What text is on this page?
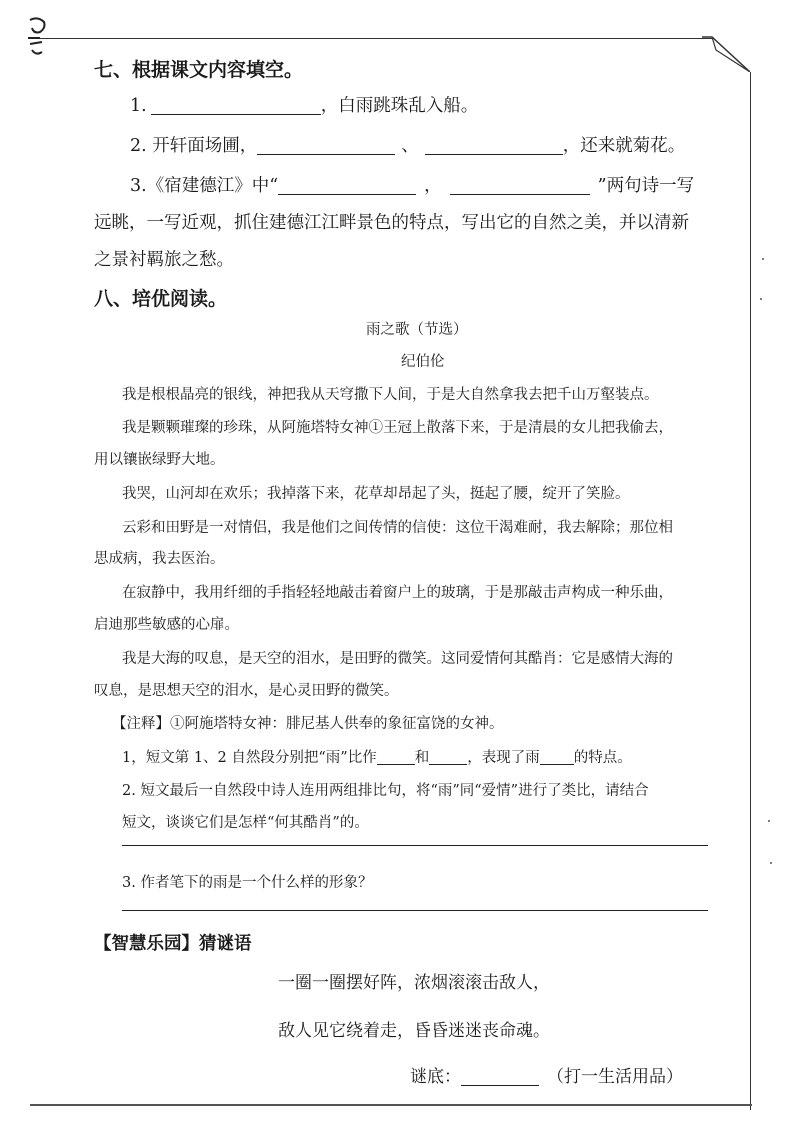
七、根据课文内容填空。
1.	，白雨跳珠乱入船。
2. 开轩面场圃，	、	，还来就菊花。
3.《宿建德江》中“	，	”两句诗一写
远眺，一写近观，抓住建德江江畔景色的特点，写出它的自然之美，并以清新
之景衬羁旅之愁。
八、培优阅读。
雨之歌（节选）
纪伯伦
我是根根晶亮的银线，神把我从天穹撒下人间，于是大自然拿我去把千山万壑装点。
我是颗颗璀璨的珍珠，从阿施塔特女神①王冠上散落下来，于是清晨的女儿把我偷去，
用以镶嵌绿野大地。
我哭，山河却在欢乐；我掉落下来，花草却昂起了头，挺起了腰，绽开了笑脸。
云彩和田野是一对情侣，我是他们之间传情的信使：这位干渴难耐，我去解除；那位相
思成病，我去医治。
在寂静中，我用纤细的手指轻轻地敲击着窗户上的玻璃，于是那敲击声构成一种乐曲，
启迪那些敏感的心扉。
我是大海的叹息，是天空的泪水，是田野的微笑。这同爱情何其酷肖：它是感情大海的
叹息，是思想天空的泪水，是心灵田野的微笑。
【注释】①阿施塔特女神：腓尼基人供奉的象征富饶的女神。
1，短文第 1、2 自然段分别把“雨”比作	和	，表现了雨 的特点。
2. 短文最后一自然段中诗人连用两组排比句，将“雨”同“爱情”进行了类比，请结合
短文，谈谈它们是怎样“何其酷肖”的。
3. 作者笔下的雨是一个什么样的形象？
【智慧乐园】猜谜语
一圈一圈摆好阵，浓烟滚滚击敌人，
敌人见它绕着走，昏昏迷迷丧命魂。
谜底：	（打一生活用品）
